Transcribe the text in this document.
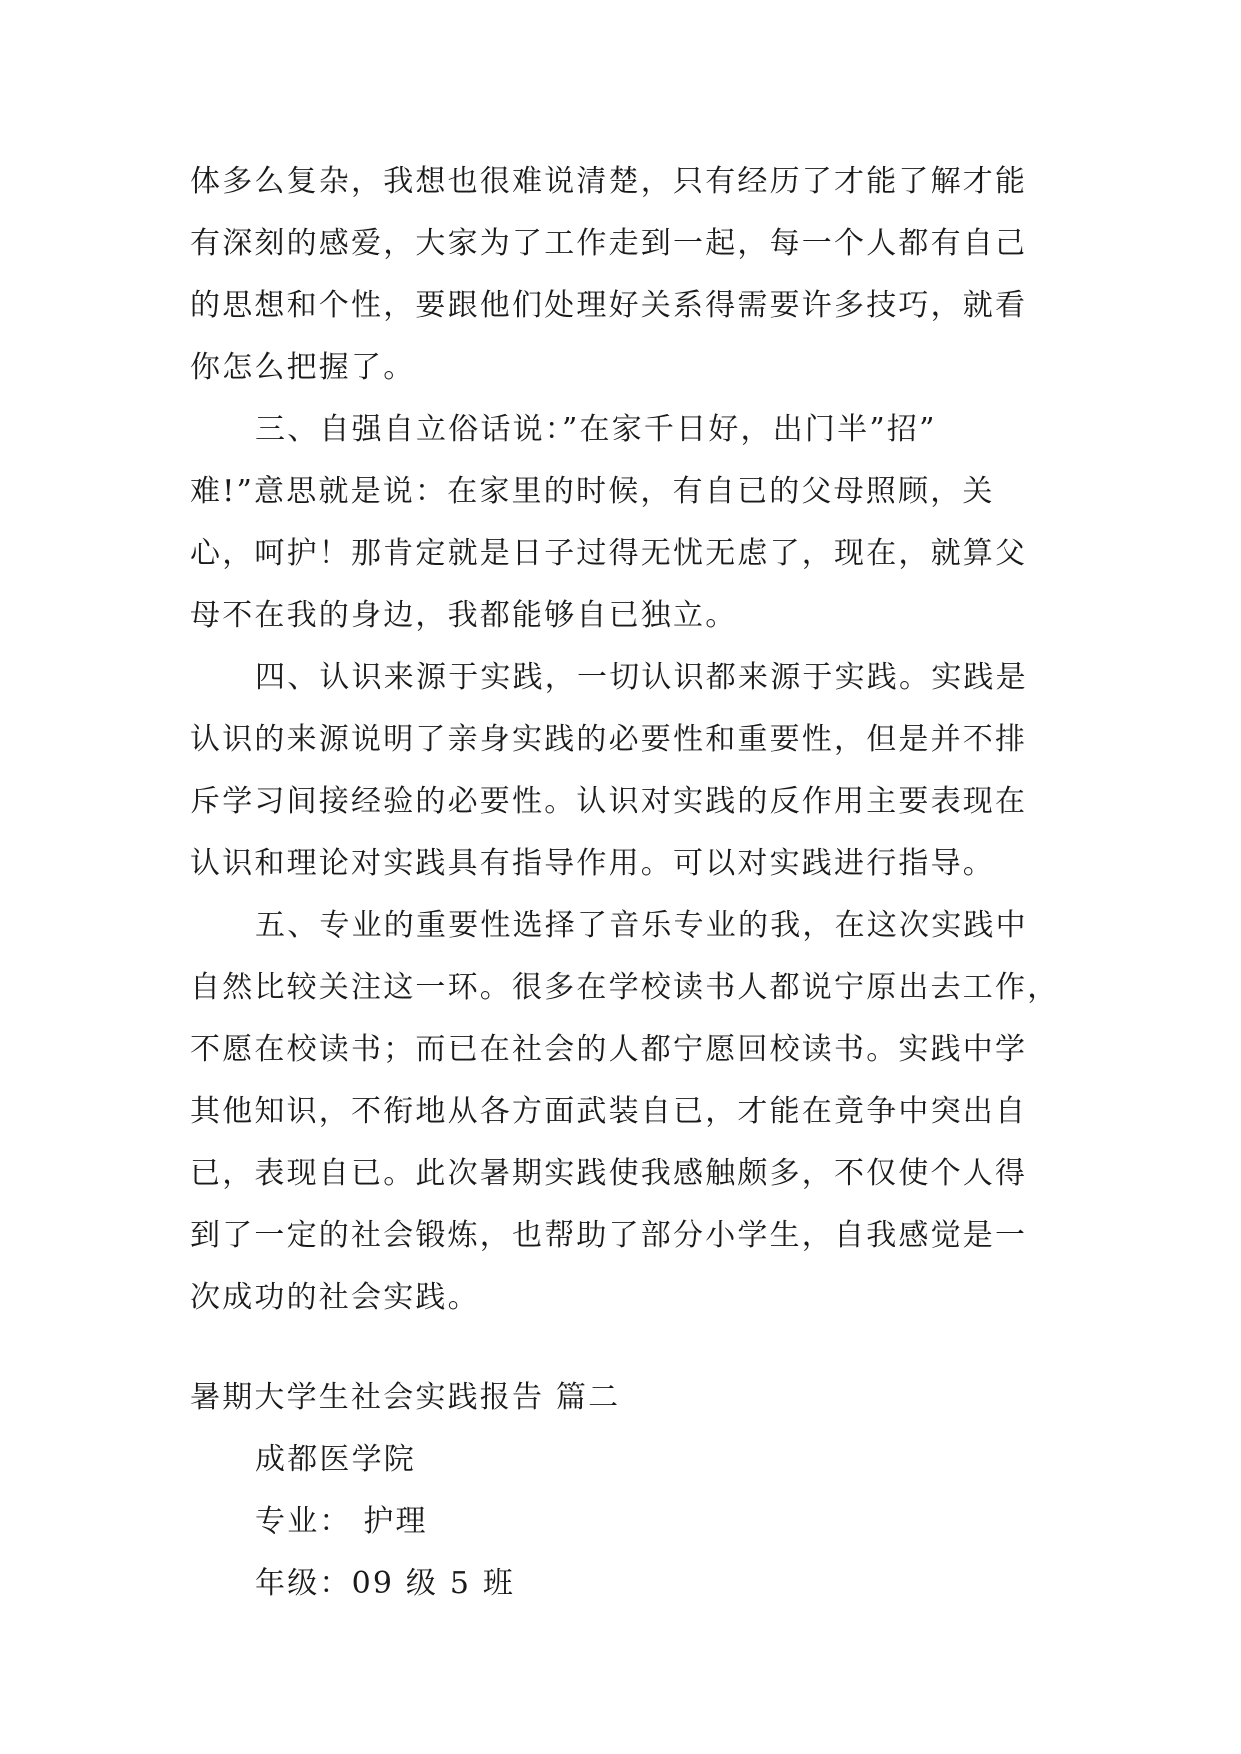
体多么复杂，我想也很难说清楚，只有经历了才能了解才能
有深刻的感爱，大家为了工作走到一起，每一个人都有自己
的思想和个性，要跟他们处理好关系得需要许多技巧，就看
你怎么把握了。
三、自强自立俗话说：”在家千日好，出门半”招”
难!”意思就是说：在家里的时候，有自已的父母照顾，关
心，呵护！那肯定就是日子过得无忧无虑了，现在，就算父
母不在我的身边，我都能够自已独立。
四、认识来源于实践，一切认识都来源于实践。实践是
认识的来源说明了亲身实践的必要性和重要性，但是并不排
斥学习间接经验的必要性。认识对实践的反作用主要表现在
认识和理论对实践具有指导作用。可以对实践进行指导。
五、专业的重要性选择了音乐专业的我，在这次实践中
自然比较关注这一环。很多在学校读书人都说宁原出去工作，
不愿在校读书；而已在社会的人都宁愿回校读书。实践中学
其他知识，不衔地从各方面武装自已，才能在竟争中突出自
已，表现自已。此次暑期实践使我感触颇多，不仅使个人得
到了一定的社会锻炼，也帮助了部分小学生，自我感觉是一
次成功的社会实践。
暑期大学生社会实践报告 篇二
成都医学院
专业： 护理
年级：09 级 5 班
